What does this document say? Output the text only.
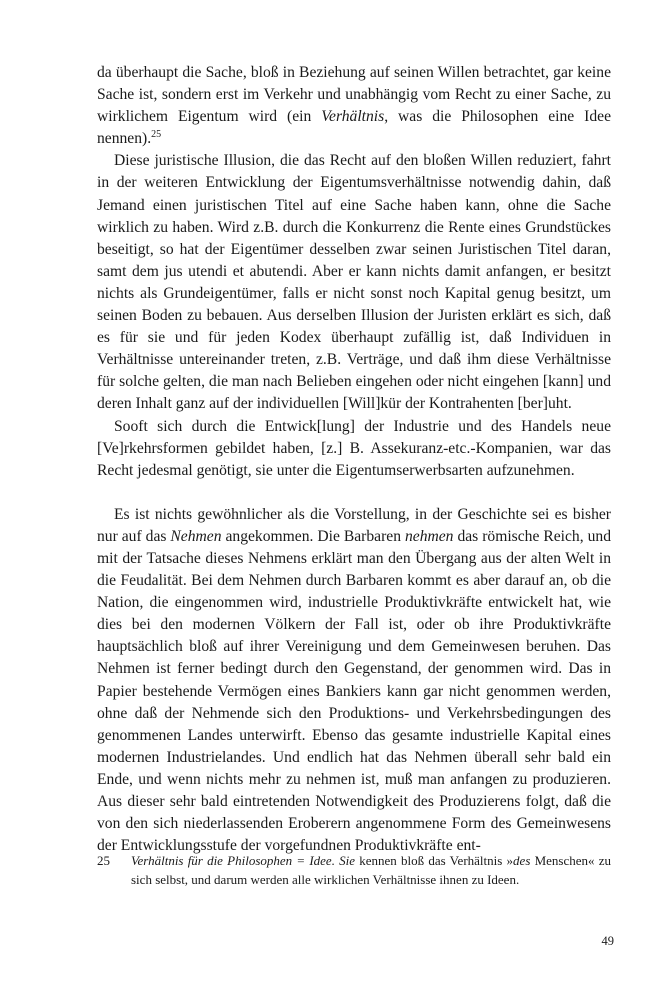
da überhaupt die Sache, bloß in Beziehung auf seinen Willen betrachtet, gar keine Sache ist, sondern erst im Verkehr und unabhängig vom Recht zu einer Sache, zu wirklichem Eigentum wird (ein Verhältnis, was die Philosophen eine Idee nennen).$^{25}$

Diese juristische Illusion, die das Recht auf den bloßen Willen reduziert, fahrt in der weiteren Entwicklung der Eigentumsverhältnisse notwendig dahin, daß Jemand einen juristischen Titel auf eine Sache haben kann, ohne die Sache wirklich zu haben. Wird z.B. durch die Konkurrenz die Rente eines Grundstückes beseitigt, so hat der Eigentümer desselben zwar seinen Juristischen Titel daran, samt dem jus utendi et abutendi. Aber er kann nichts damit anfangen, er besitzt nichts als Grundeigentümer, falls er nicht sonst noch Kapital genug besitzt, um seinen Boden zu bebauen. Aus derselben Illusion der Juristen erklärt es sich, daß es für sie und für jeden Kodex überhaupt zufällig ist, daß Individuen in Verhältnisse untereinander treten, z.B. Verträge, und daß ihm diese Verhältnisse für solche gelten, die man nach Belieben eingehen oder nicht eingehen [kann] und deren Inhalt ganz auf der individuellen [Will]kür der Kontrahenten [ber]uht.

Sooft sich durch die Entwick[lung] der Industrie und des Handels neue [Ve]rkehrsformen gebildet haben, [z.] B. Assekuranz-etc.-Kompanien, war das Recht jedesmal genötigt, sie unter die Eigentumserwerbsarten aufzunehmen.

Es ist nichts gewöhnlicher als die Vorstellung, in der Geschichte sei es bisher nur auf das Nehmen angekommen. Die Barbaren nehmen das römische Reich, und mit der Tatsache dieses Nehmens erklärt man den Übergang aus der alten Welt in die Feudalität. Bei dem Nehmen durch Barbaren kommt es aber darauf an, ob die Nation, die eingenommen wird, industrielle Produktivkräfte entwickelt hat, wie dies bei den modernen Völkern der Fall ist, oder ob ihre Produktivkräfte hauptsächlich bloß auf ihrer Vereinigung und dem Gemeinwesen beruhen. Das Nehmen ist ferner bedingt durch den Gegenstand, der genommen wird. Das in Papier bestehende Vermögen eines Bankiers kann gar nicht genommen werden, ohne daß der Nehmende sich den Produktions- und Verkehrsbedingungen des genommenen Landes unterwirft. Ebenso das gesamte industrielle Kapital eines modernen Industrielandes. Und endlich hat das Nehmen überall sehr bald ein Ende, und wenn nichts mehr zu nehmen ist, muß man anfangen zu produzieren. Aus dieser sehr bald eintretenden Notwendigkeit des Produzierens folgt, daß die von den sich niederlassenden Eroberern angenommene Form des Gemeinwesens der Entwicklungsstufe der vorgefundnen Produktivkräfte ent-

25	Verhältnis für die Philosophen = Idee. Sie kennen bloß das Verhältnis »des Menschen« zu sich selbst, und darum werden alle wirklichen Verhältnisse ihnen zu Ideen.
49
